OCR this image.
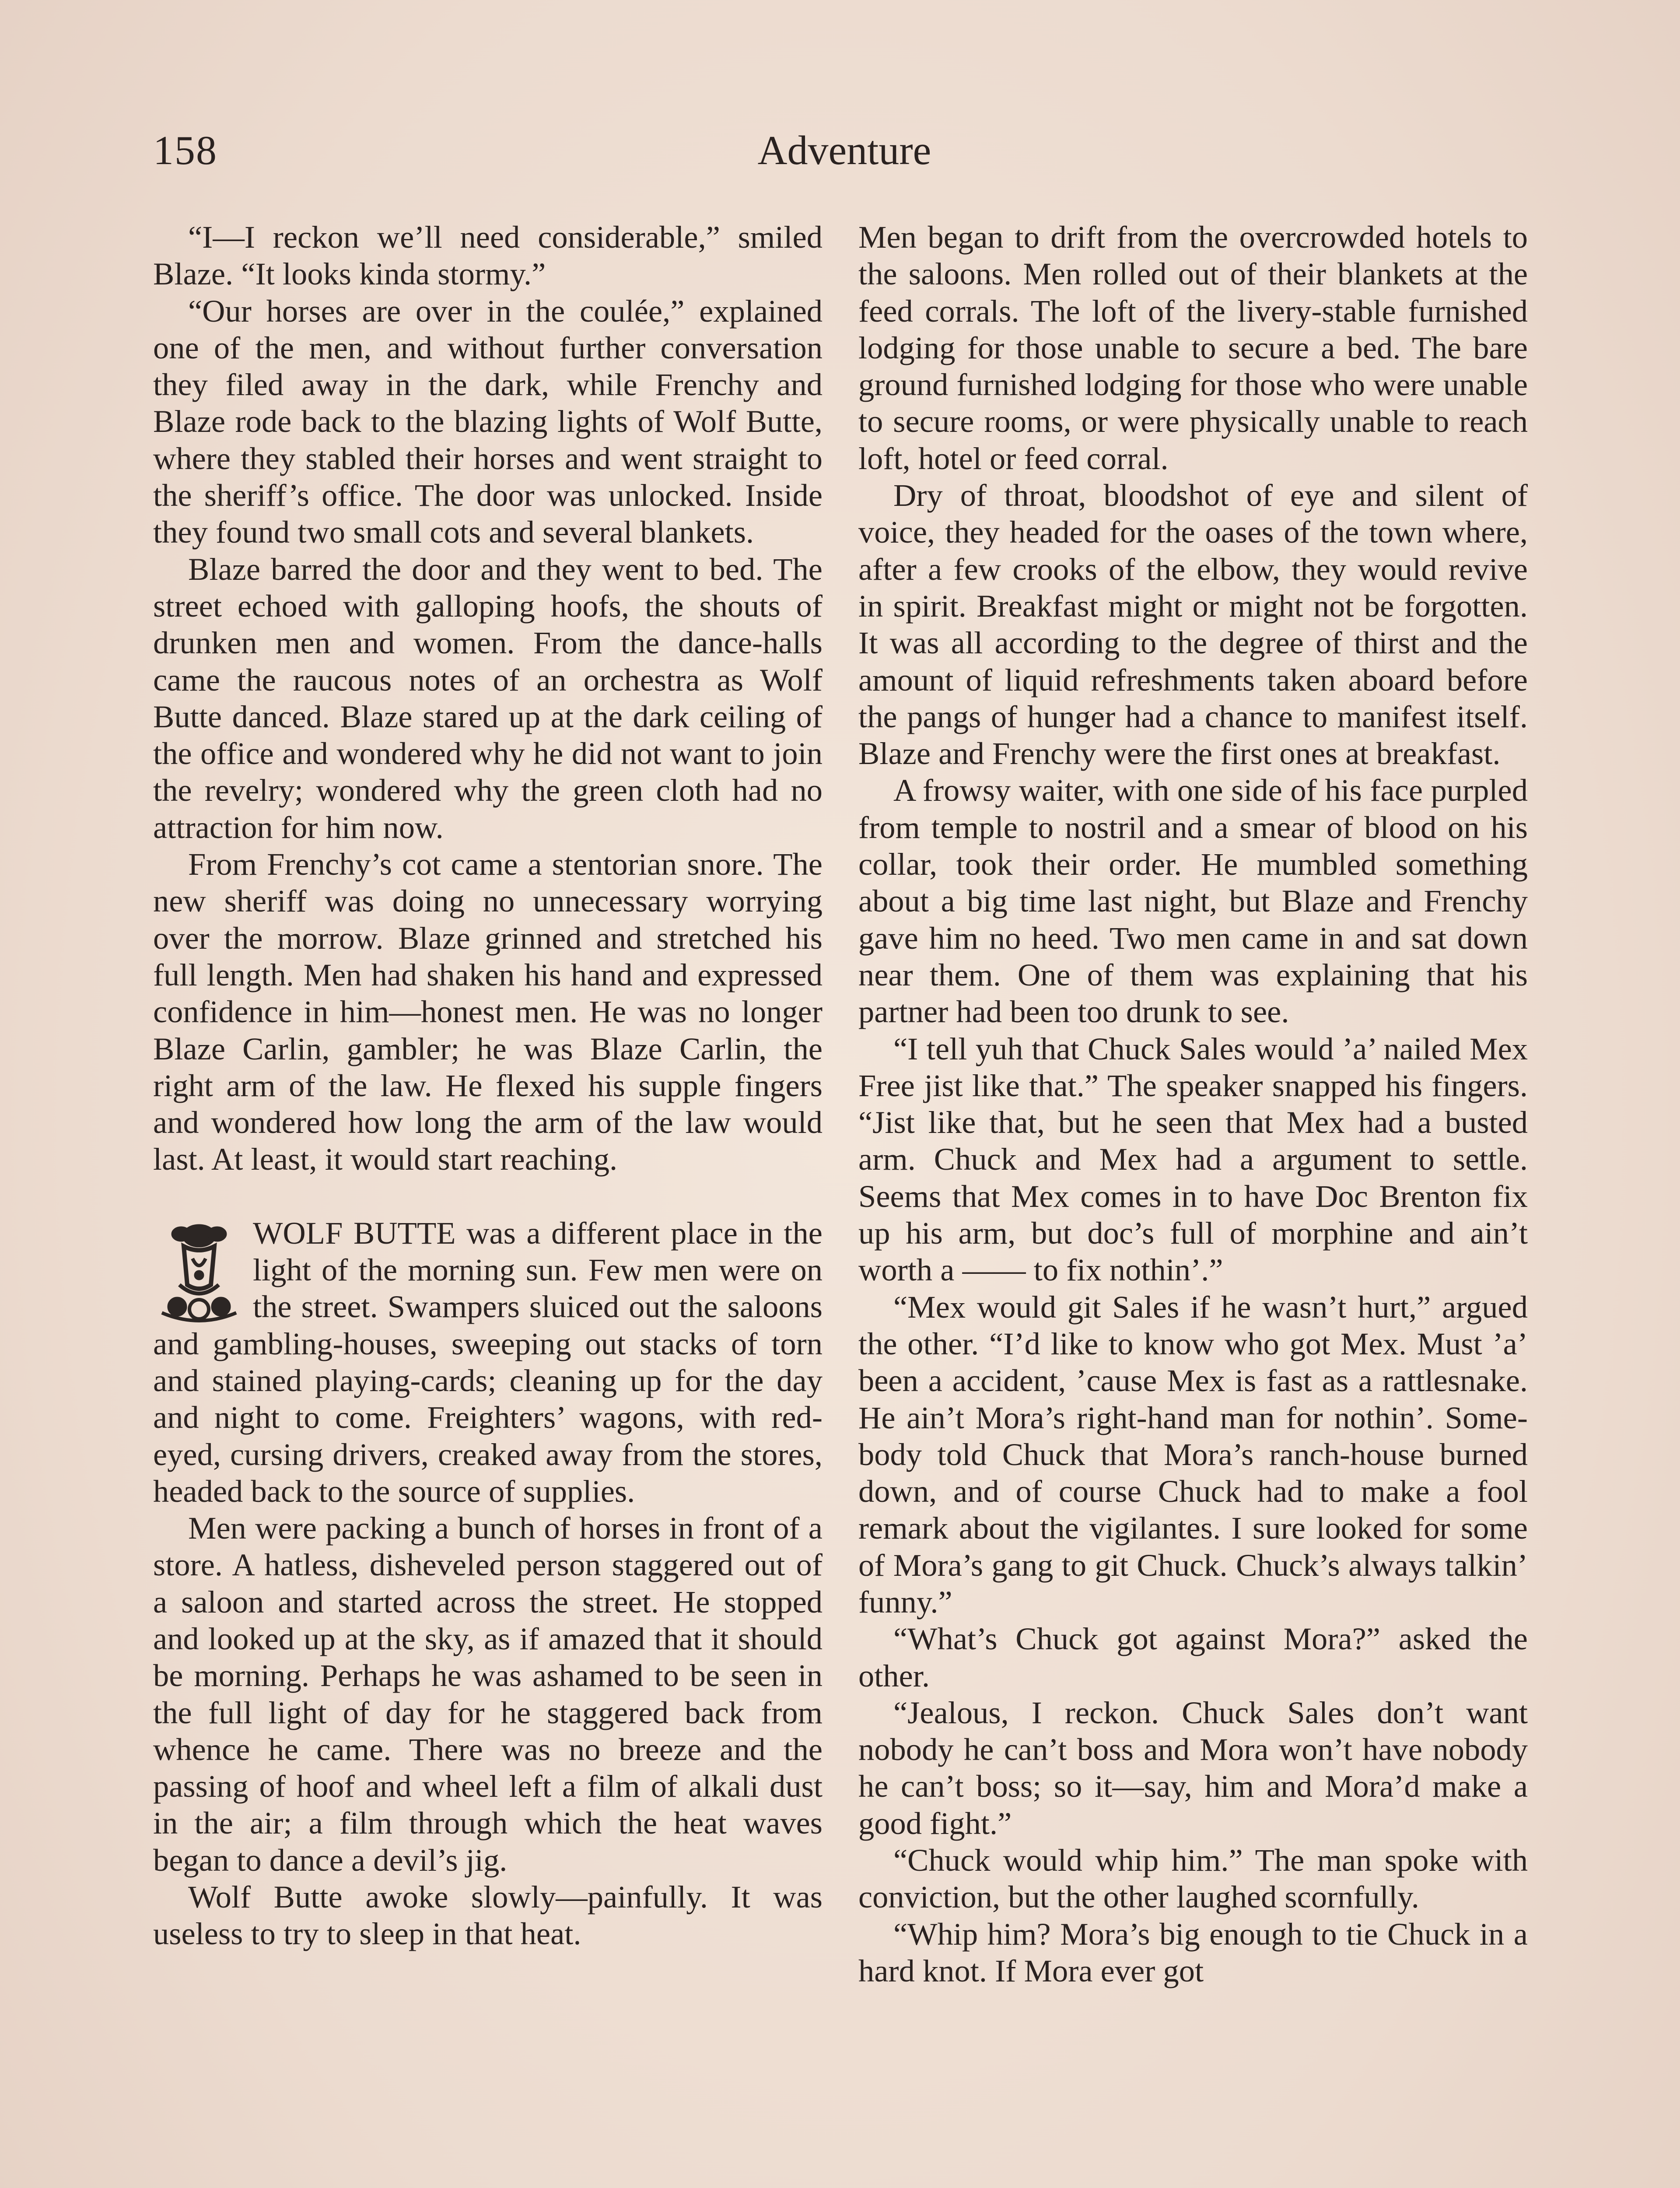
158	Adventure

“I—I reckon we’ll need considerable,” smiled Blaze. “It looks kinda stormy.”

“Our horses are over in the coulée,” explained one of the men, and without further conversation they filed away in the dark, while Frenchy and Blaze rode back to the blazing lights of Wolf Butte, where they stabled their horses and went straight to the sheriff’s office. The door was unlocked. Inside they found two small cots and several blankets.

Blaze barred the door and they went to bed. The street echoed with galloping hoofs, the shouts of drunken men and women. From the dance-halls came the raucous notes of an orchestra as Wolf Butte danced. Blaze stared up at the dark ceiling of the office and wondered why he did not want to join the revelry; wondered why the green cloth had no attraction for him now.

From Frenchy’s cot came a stentorian snore. The new sheriff was doing no unnecessary worrying over the morrow. Blaze grinned and stretched his full length. Men had shaken his hand and expressed confidence in him—honest men. He was no longer Blaze Carlin, gambler; he was Blaze Carlin, the right arm of the law. He flexed his supple fingers and wondered how long the arm of the law would last. At least, it would start reaching.

WOLF BUTTE was a different place in the light of the morning sun. Few men were on the street. Swampers sluiced out the saloons and gambling-houses, sweeping out stacks of torn and stained playing-cards; cleaning up for the day and night to come. Freighters’ wagons, with red-eyed, cursing drivers, creaked away from the stores, headed back to the source of supplies.

Men were packing a bunch of horses in front of a store. A hatless, disheveled person staggered out of a saloon and started across the street. He stopped and looked up at the sky, as if amazed that it should be morning. Perhaps he was ashamed to be seen in the full light of day for he staggered back from whence he came. There was no breeze and the passing of hoof and wheel left a film of alkali dust in the air; a film through which the heat waves began to dance a devil’s jig.

Wolf Butte awoke slowly—painfully. It was useless to try to sleep in that heat.

Men began to drift from the overcrowded hotels to the saloons. Men rolled out of their blankets at the feed corrals. The loft of the livery-stable furnished lodging for those unable to secure a bed. The bare ground furnished lodging for those who were unable to secure rooms, or were physically unable to reach loft, hotel or feed corral.

Dry of throat, bloodshot of eye and silent of voice, they headed for the oases of the town where, after a few crooks of the elbow, they would revive in spirit. Breakfast might or might not be forgotten. It was all according to the degree of thirst and the amount of liquid refreshments taken aboard before the pangs of hunger had a chance to manifest itself. Blaze and Frenchy were the first ones at breakfast.

A frowsy waiter, with one side of his face purpled from temple to nostril and a smear of blood on his collar, took their order. He mumbled something about a big time last night, but Blaze and Frenchy gave him no heed. Two men came in and sat down near them. One of them was explaining that his partner had been too drunk to see.

“I tell yuh that Chuck Sales would ’a’ nailed Mex Free jist like that.” The speaker snapped his fingers. “Jist like that, but he seen that Mex had a busted arm. Chuck and Mex had a argument to settle. Seems that Mex comes in to have Doc Brenton fix up his arm, but doc’s full of morphine and ain’t worth a —— to fix nothin’.”

“Mex would git Sales if he wasn’t hurt,” argued the other. “I’d like to know who got Mex. Must ’a’ been a accident, ’cause Mex is fast as a rattlesnake. He ain’t Mora’s right-hand man for nothin’. Somebody told Chuck that Mora’s ranch-house burned down, and of course Chuck had to make a fool remark about the vigilantes. I sure looked for some of Mora’s gang to git Chuck. Chuck’s always talkin’ funny.”

“What’s Chuck got against Mora?” asked the other.

“Jealous, I reckon. Chuck Sales don’t want nobody he can’t boss and Mora won’t have nobody he can’t boss; so it—say, him and Mora’d make a good fight.”

“Chuck would whip him.” The man spoke with conviction, but the other laughed scornfully.

“Whip him? Mora’s big enough to tie Chuck in a hard knot. If Mora ever got
